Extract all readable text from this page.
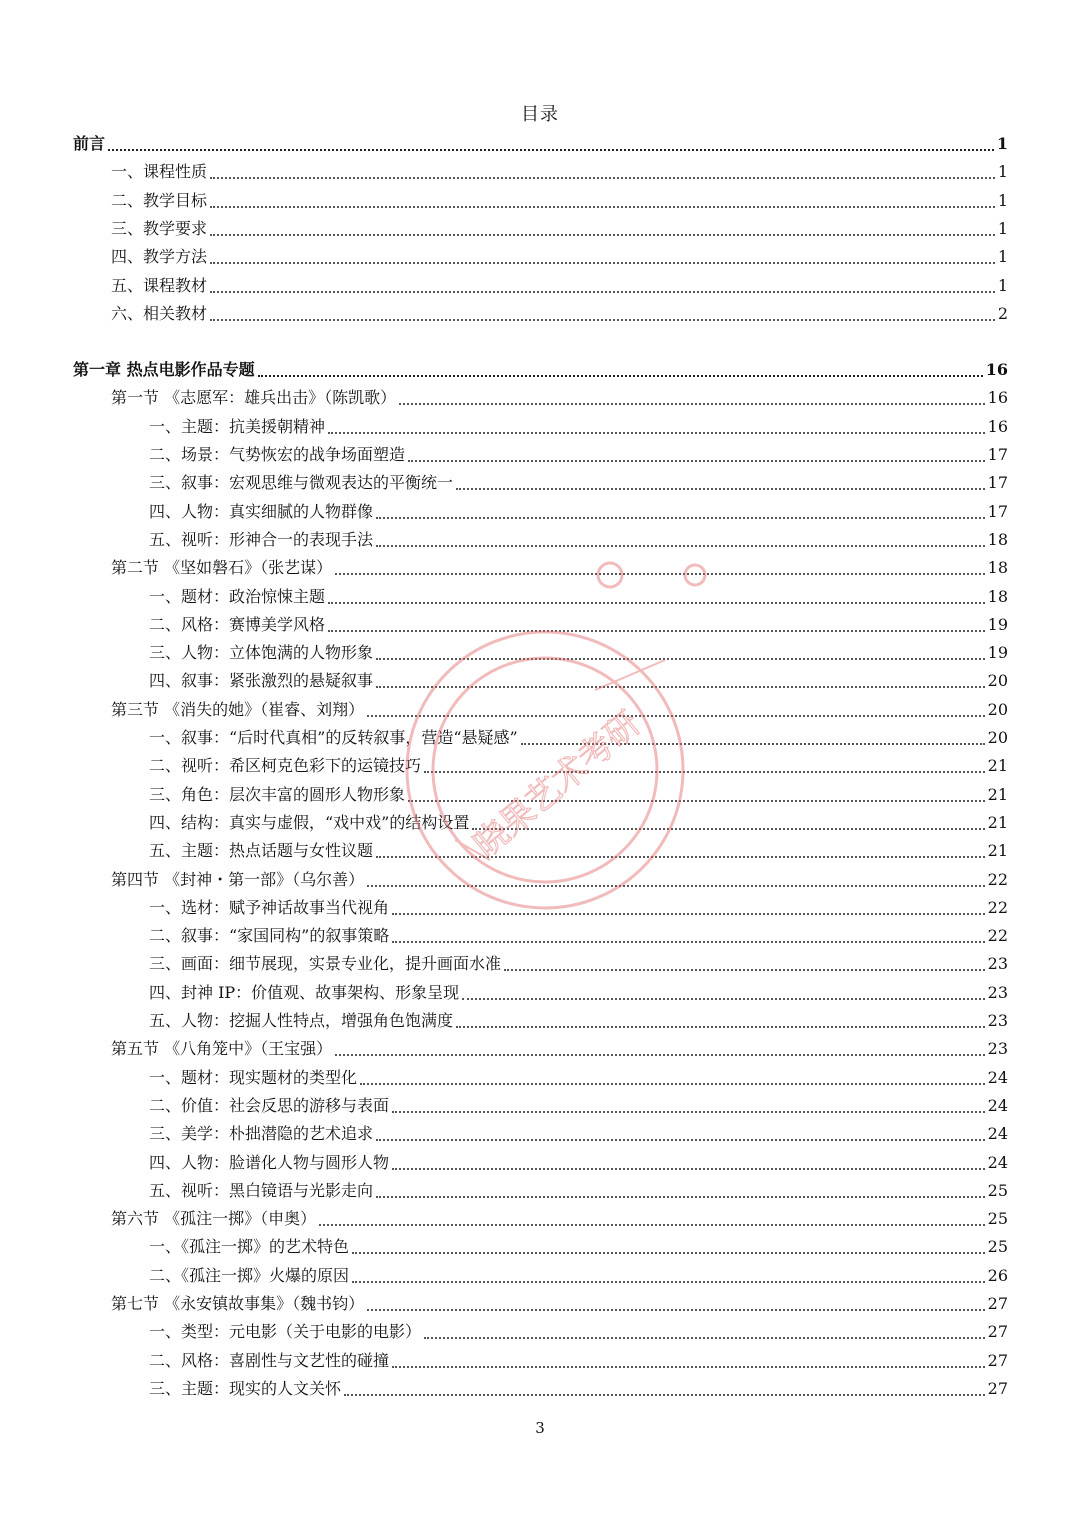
目录
前言	1
一、课程性质	1
二、教学目标	1
三、教学要求	1
四、教学方法	1
五、课程教材	1
六、相关教材	2
第一章 热点电影作品专题	16
第一节 《志愿军：雄兵出击》（陈凯歌）	16
一、主题：抗美援朝精神	16
二、场景：气势恢宏的战争场面塑造	17
三、叙事：宏观思维与微观表达的平衡统一	17
四、人物：真实细腻的人物群像	17
五、视听：形神合一的表现手法	18
第二节 《坚如磐石》（张艺谋）	18
一、题材：政治惊悚主题	18
二、风格：赛博美学风格	19
三、人物：立体饱满的人物形象	19
四、叙事：紧张激烈的悬疑叙事	20
第三节 《消失的她》（崔睿、刘翔）	20
一、叙事：“后时代真相”的反转叙事，营造“悬疑感”	20
二、视听：希区柯克色彩下的运镜技巧	21
三、角色：层次丰富的圆形人物形象	21
四、结构：真实与虚假，“戏中戏”的结构设置	21
五、主题：热点话题与女性议题	21
第四节 《封神・第一部》（乌尔善）	22
一、选材：赋予神话故事当代视角	22
二、叙事：“家国同构”的叙事策略	22
三、画面：细节展现，实景专业化，提升画面水准	23
四、封神 IP：价值观、故事架构、形象呈现	23
五、人物：挖掘人性特点，增强角色饱满度	23
第五节 《八角笼中》（王宝强）	23
一、题材：现实题材的类型化	24
二、价值：社会反思的游移与表面	24
三、美学：朴拙潜隐的艺术追求	24
四、人物：脸谱化人物与圆形人物	24
五、视听：黑白镜语与光影走向	25
第六节 《孤注一掷》（申奥）	25
一、《孤注一掷》的艺术特色	25
二、《孤注一掷》火爆的原因	26
第七节 《永安镇故事集》（魏书钧）	27
一、类型：元电影（关于电影的电影）	27
二、风格：喜剧性与文艺性的碰撞	27
三、主题：现实的人文关怀	27
晓果艺术考研
3
